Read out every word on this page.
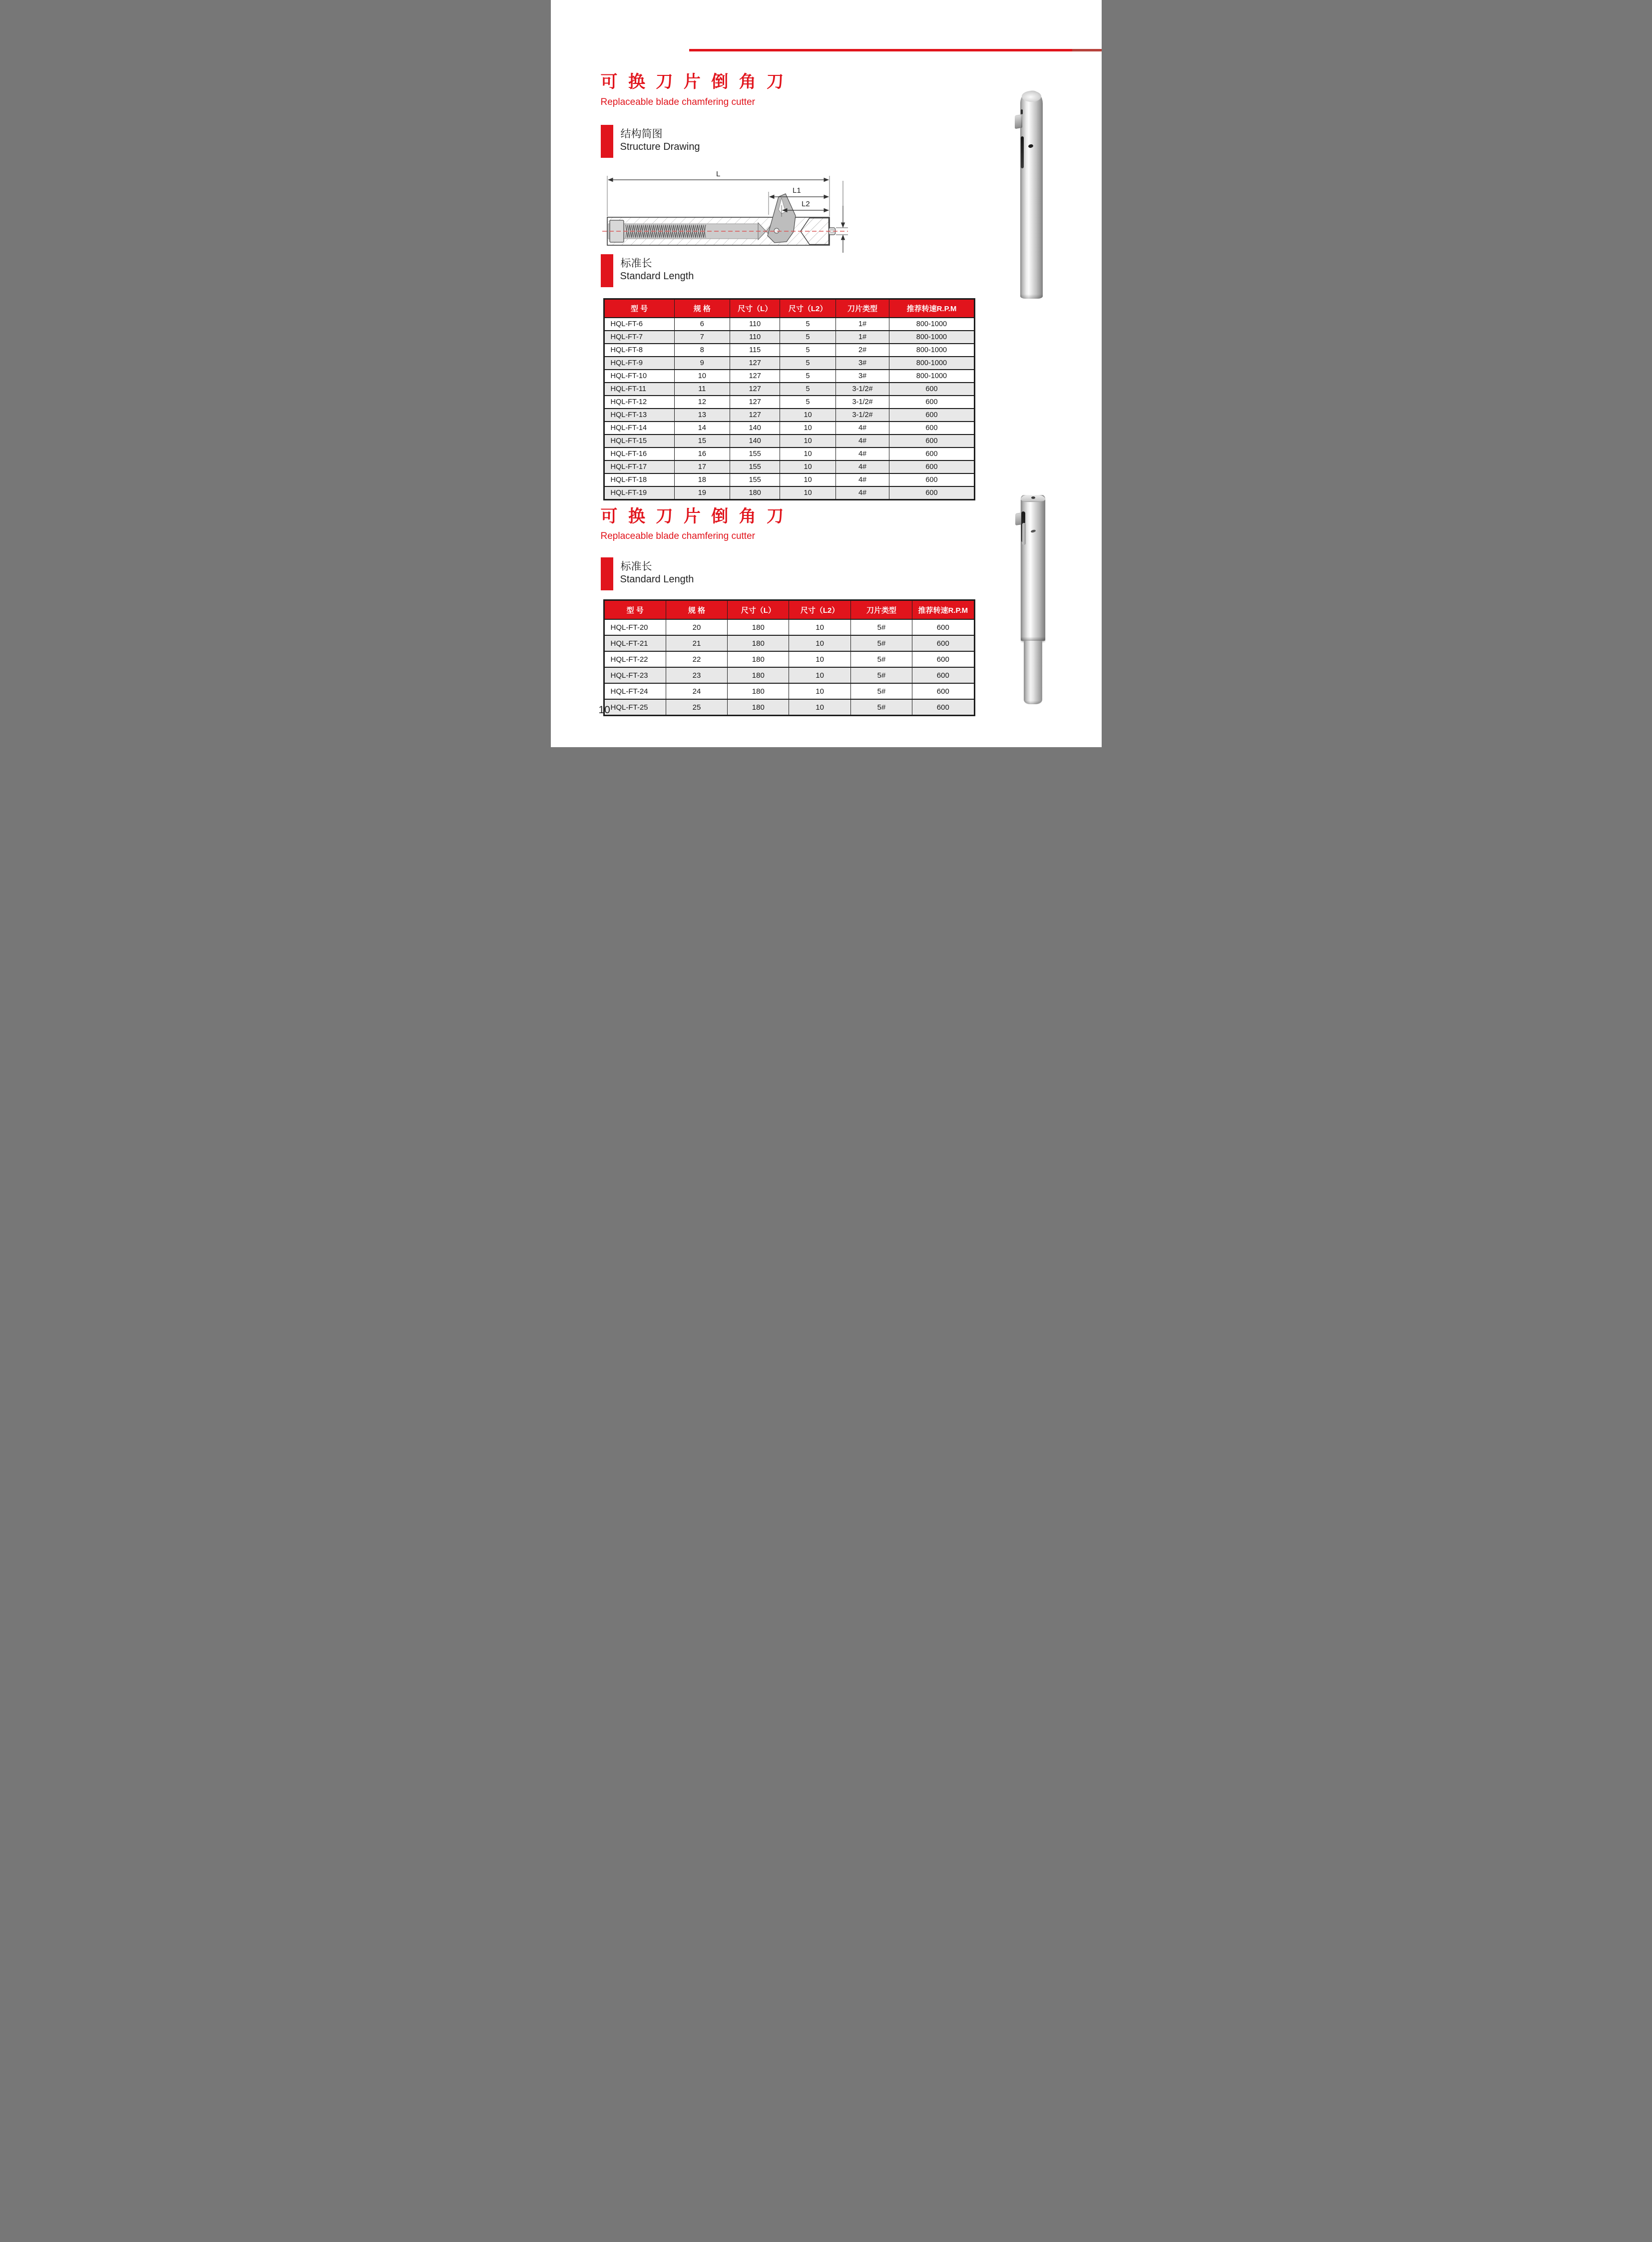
可 换 刀 片 倒 角 刀
Replaceable blade chamfering cutter
结构简图
Structure Drawing
L
L1
L2
标准长
Standard Length
型 号	规 格	尺寸（L）	尺寸（L2）	刀片类型	推荐转速R.P.M
HQL-FT-6	6	110	5	1#	800-1000
HQL-FT-7	7	110	5	1#	800-1000
HQL-FT-8	8	115	5	2#	800-1000
HQL-FT-9	9	127	5	3#	800-1000
HQL-FT-10	10	127	5	3#	800-1000
HQL-FT-11	11	127	5	3-1/2#	600
HQL-FT-12	12	127	5	3-1/2#	600
HQL-FT-13	13	127	10	3-1/2#	600
HQL-FT-14	14	140	10	4#	600
HQL-FT-15	15	140	10	4#	600
HQL-FT-16	16	155	10	4#	600
HQL-FT-17	17	155	10	4#	600
HQL-FT-18	18	155	10	4#	600
HQL-FT-19	19	180	10	4#	600
可 换 刀 片 倒 角 刀
Replaceable blade chamfering cutter
标准长
Standard Length
型 号	规 格	尺寸（L）	尺寸（L2）	刀片类型	推荐转速R.P.M
HQL-FT-20	20	180	10	5#	600
HQL-FT-21	21	180	10	5#	600
HQL-FT-22	22	180	10	5#	600
HQL-FT-23	23	180	10	5#	600
HQL-FT-24	24	180	10	5#	600
HQL-FT-25	25	180	10	5#	600
10
